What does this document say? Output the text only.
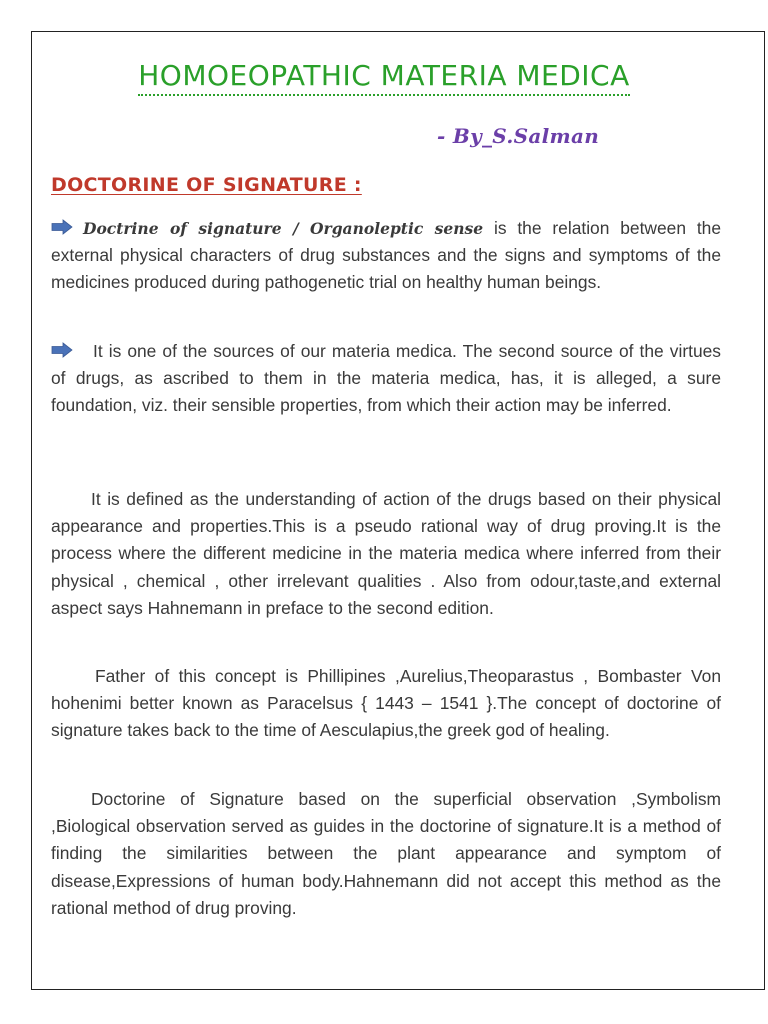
HOMOEOPATHIC MATERIA MEDICA
- By_S.Salman
DOCTORINE OF SIGNATURE :

Doctrine of signature / Organoleptic sense is the relation between the external physical characters of drug substances and the signs and symptoms of the medicines produced during pathogenetic trial on healthy human beings.

It is one of the sources of our materia medica. The second source of the virtues of drugs, as ascribed to them in the materia medica, has, it is alleged, a sure foundation, viz. their sensible properties, from which their action may be inferred.

It is defined as the understanding of action of the drugs based on their physical appearance and properties.This is a pseudo rational way of drug proving.It is the process where the different medicine in the materia medica where inferred from their physical , chemical , other irrelevant qualities . Also from odour,taste,and external aspect says Hahnemann in preface to the second edition.

Father of this concept is Phillipines ,Aurelius,Theoparastus , Bombaster Von hohenimi better known as Paracelsus { 1443 – 1541 }.The concept of doctorine of signature takes back to the time of Aesculapius,the greek god of healing.

Doctorine of Signature based on the superficial observation ,Symbolism ,Biological observation served as guides in the doctorine of signature.It is a method of finding the similarities between the plant appearance and symptom of disease,Expressions of human body.Hahnemann did not accept this method as the rational method of drug proving.
